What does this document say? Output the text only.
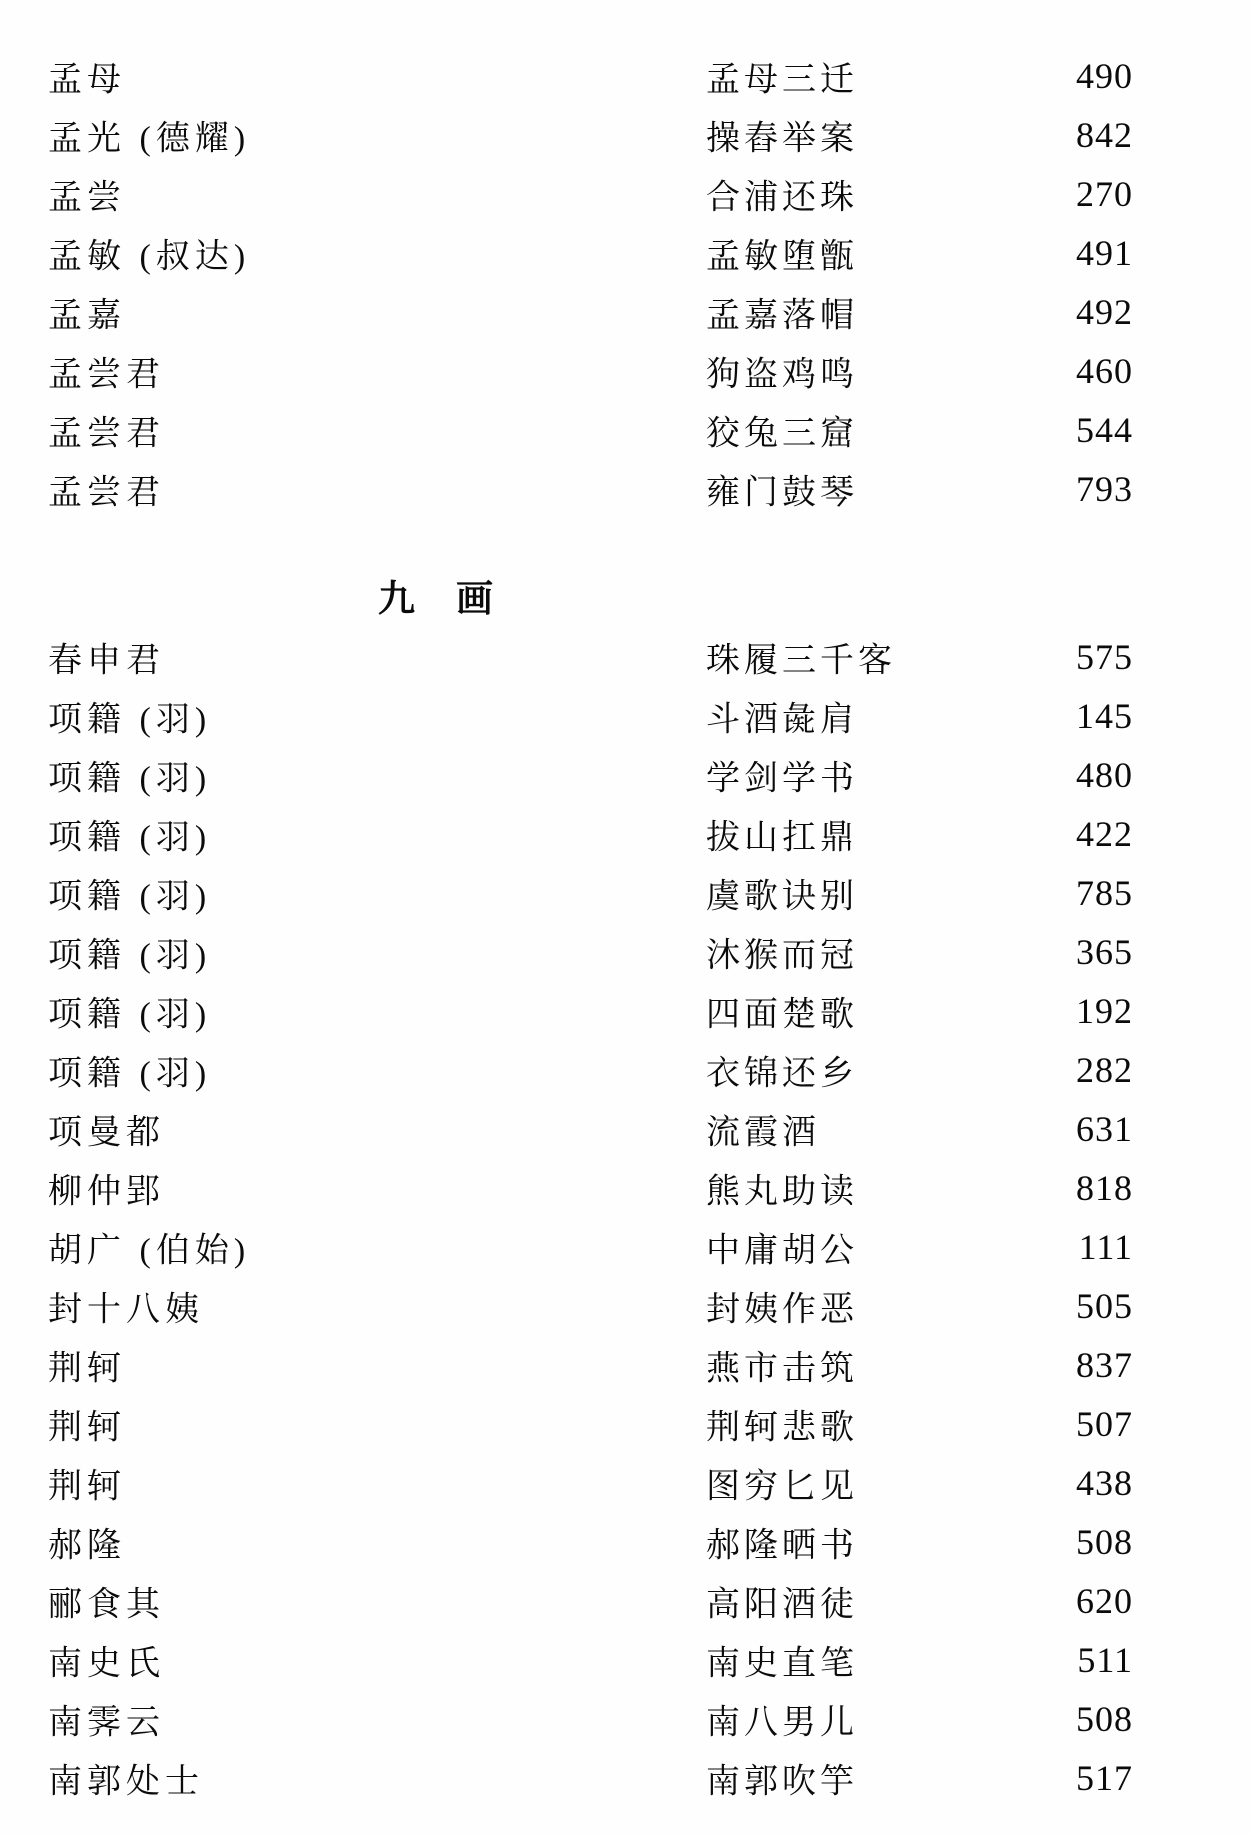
孟母	孟母三迁	490
孟光 (德耀)	操舂举案	842
孟尝	合浦还珠	270
孟敏 (叔达)	孟敏堕甑	491
孟嘉	孟嘉落帽	492
孟尝君	狗盗鸡鸣	460
孟尝君	狡兔三窟	544
孟尝君	雍门鼓琴	793
九　画
春申君	珠履三千客	575
项籍 (羽)	斗酒彘肩	145
项籍 (羽)	学剑学书	480
项籍 (羽)	拔山扛鼎	422
项籍 (羽)	虞歌诀别	785
项籍 (羽)	沐猴而冠	365
项籍 (羽)	四面楚歌	192
项籍 (羽)	衣锦还乡	282
项曼都	流霞酒	631
柳仲郢	熊丸助读	818
胡广 (伯始)	中庸胡公	111
封十八姨	封姨作恶	505
荆轲	燕市击筑	837
荆轲	荆轲悲歌	507
荆轲	图穷匕见	438
郝隆	郝隆晒书	508
郦食其	高阳酒徒	620
南史氏	南史直笔	511
南霁云	南八男儿	508
南郭处士	南郭吹竽	517
